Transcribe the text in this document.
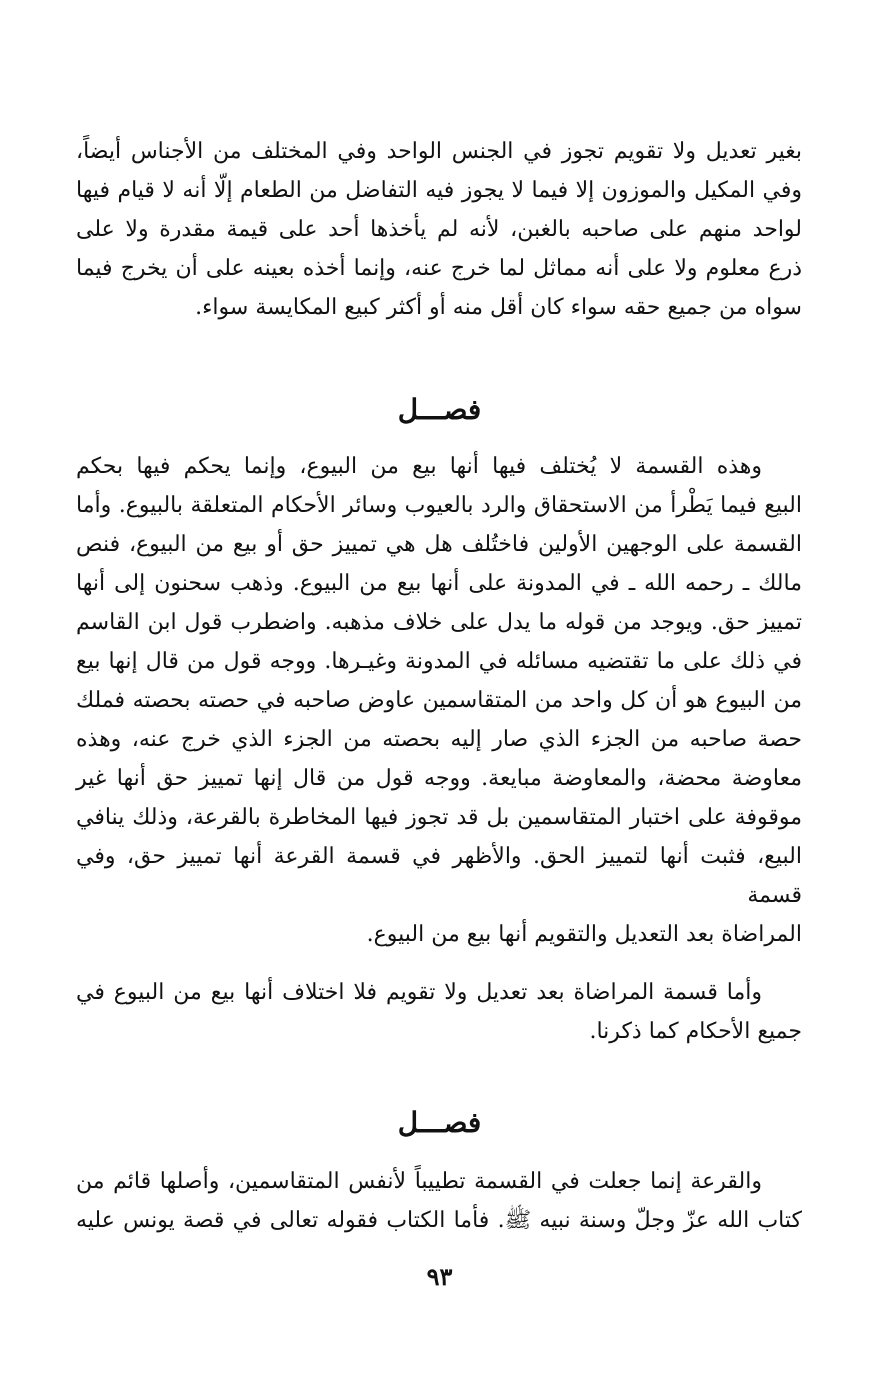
بغير تعديل ولا تقويم تجوز في الجنس الواحد وفي المختلف من الأجناس أيضاً،
وفي المكيل والموزون إلا فيما لا يجوز فيه التفاضل من الطعام إلّا أنه لا قيام فيها
لواحد منهم على صاحبه بالغبن، لأنه لم يأخذها أحد على قيمة مقدرة ولا على
ذرع معلوم ولا على أنه مماثل لما خرج عنه، وإنما أخذه بعينه على أن يخرج فيما
سواه من جميع حقه سواء كان أقل منه أو أكثر كبيع المكايسة سواء.
فصـــل
وهذه القسمة لا يُختلف فيها أنها بيع من البيوع، وإنما يحكم فيها بحكم
البيع فيما يَطْرأ من الاستحقاق والرد بالعيوب وسائر الأحكام المتعلقة بالبيوع. وأما
القسمة على الوجهين الأولين فاختُلف هل هي تمييز حق أو بيع من البيوع، فنص
مالك ـ رحمه الله ـ في المدونة على أنها بيع من البيوع. وذهب سحنون إلى أنها
تمييز حق. ويوجد من قوله ما يدل على خلاف مذهبه. واضطرب قول ابن القاسم
في ذلك على ما تقتضيه مسائله في المدونة وغيـرها. ووجه قول من قال إنها بيع
من البيوع هو أن كل واحد من المتقاسمين عاوض صاحبه في حصته بحصته فملك
حصة صاحبه من الجزء الذي صار إليه بحصته من الجزء الذي خرج عنه، وهذه
معاوضة محضة، والمعاوضة مبايعة. ووجه قول من قال إنها تمييز حق أنها غير
موقوفة على اختبار المتقاسمين بل قد تجوز فيها المخاطرة بالقرعة، وذلك ينافي
البيع، فثبت أنها لتمييز الحق. والأظهر في قسمة القرعة أنها تمييز حق، وفي قسمة
المراضاة بعد التعديل والتقويم أنها بيع من البيوع.
وأما قسمة المراضاة بعد تعديل ولا تقويم فلا اختلاف أنها بيع من البيوع في
جميع الأحكام كما ذكرنا.
فصـــل
والقرعة إنما جعلت في القسمة تطييباً لأنفس المتقاسمين، وأصلها قائم من
كتاب الله عزّ وجلّ وسنة نبيه ﷺ. فأما الكتاب فقوله تعالى في قصة يونس عليه
٩٣
